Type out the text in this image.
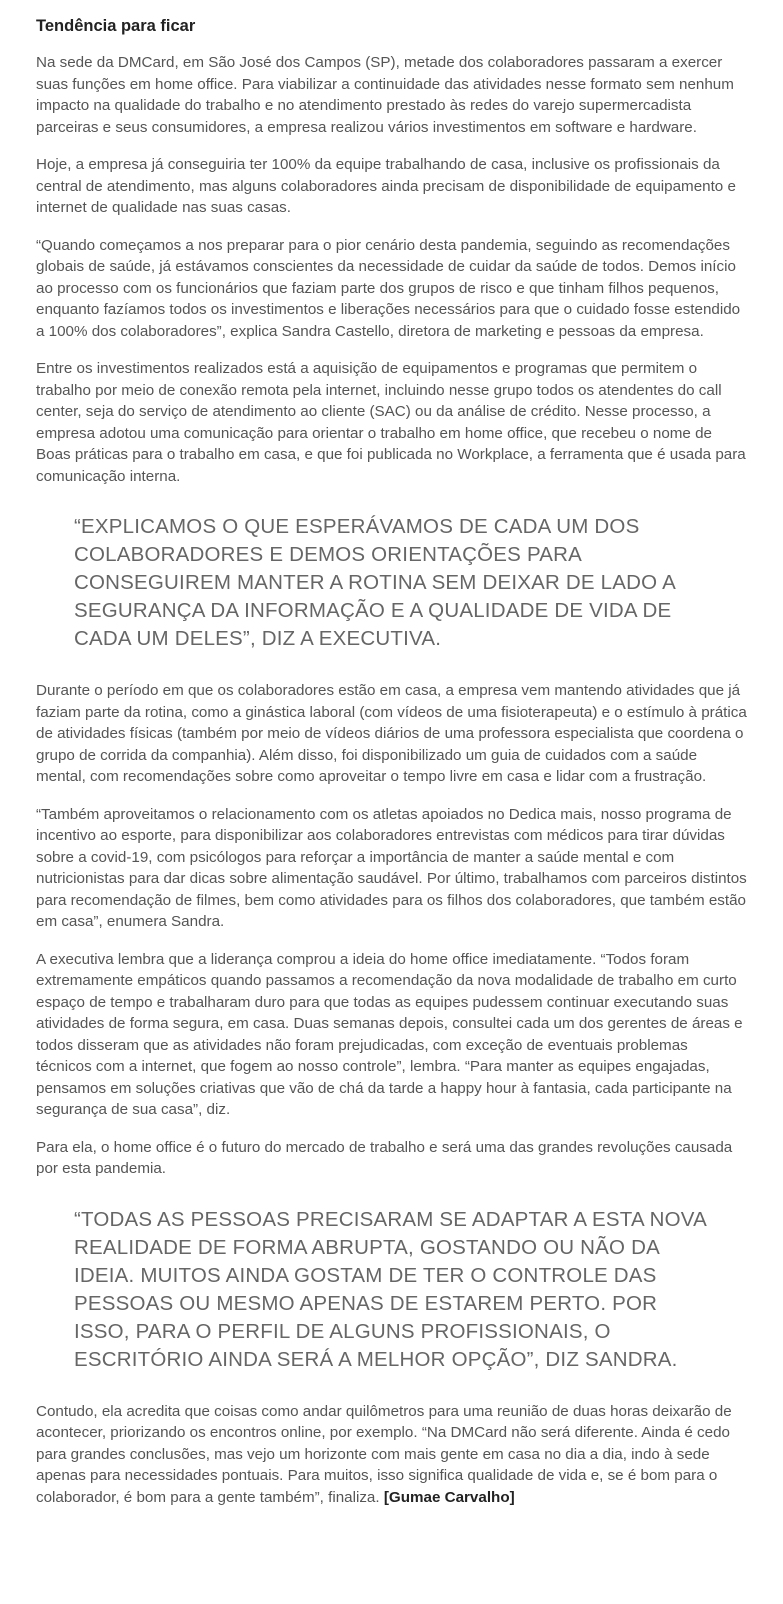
Tendência para ficar

Na sede da DMCard, em São José dos Campos (SP), metade dos colaboradores passaram a exercer suas funções em home office. Para viabilizar a continuidade das atividades nesse formato sem nenhum impacto na qualidade do trabalho e no atendimento prestado às redes do varejo supermercadista parceiras e seus consumidores, a empresa realizou vários investimentos em software e hardware.

Hoje, a empresa já conseguiria ter 100% da equipe trabalhando de casa, inclusive os profissionais da central de atendimento, mas alguns colaboradores ainda precisam de disponibilidade de equipamento e internet de qualidade nas suas casas.

“Quando começamos a nos preparar para o pior cenário desta pandemia, seguindo as recomendações globais de saúde, já estávamos conscientes da necessidade de cuidar da saúde de todos. Demos início ao processo com os funcionários que faziam parte dos grupos de risco e que tinham filhos pequenos, enquanto fazíamos todos os investimentos e liberações necessários para que o cuidado fosse estendido a 100% dos colaboradores”, explica Sandra Castello, diretora de marketing e pessoas da empresa.

Entre os investimentos realizados está a aquisição de equipamentos e programas que permitem o trabalho por meio de conexão remota pela internet, incluindo nesse grupo todos os atendentes do call center, seja do serviço de atendimento ao cliente (SAC) ou da análise de crédito. Nesse processo, a empresa adotou uma comunicação para orientar o trabalho em home office, que recebeu o nome de Boas práticas para o trabalho em casa, e que foi publicada no Workplace, a ferramenta que é usada para comunicação interna.

“EXPLICAMOS O QUE ESPERÁVAMOS DE CADA UM DOS COLABORADORES E DEMOS ORIENTAÇÕES PARA CONSEGUIREM MANTER A ROTINA SEM DEIXAR DE LADO A SEGURANÇA DA INFORMAÇÃO E A QUALIDADE DE VIDA DE CADA UM DELES”, DIZ A EXECUTIVA.

Durante o período em que os colaboradores estão em casa, a empresa vem mantendo atividades que já faziam parte da rotina, como a ginástica laboral (com vídeos de uma fisioterapeuta) e o estímulo à prática de atividades físicas (também por meio de vídeos diários de uma professora especialista que coordena o grupo de corrida da companhia). Além disso, foi disponibilizado um guia de cuidados com a saúde mental, com recomendações sobre como aproveitar o tempo livre em casa e lidar com a frustração.

“Também aproveitamos o relacionamento com os atletas apoiados no Dedica mais, nosso programa de incentivo ao esporte, para disponibilizar aos colaboradores entrevistas com médicos para tirar dúvidas sobre a covid-19, com psicólogos para reforçar a importância de manter a saúde mental e com nutricionistas para dar dicas sobre alimentação saudável. Por último, trabalhamos com parceiros distintos para recomendação de filmes, bem como atividades para os filhos dos colaboradores, que também estão em casa”, enumera Sandra.

A executiva lembra que a liderança comprou a ideia do home office imediatamente. “Todos foram extremamente empáticos quando passamos a recomendação da nova modalidade de trabalho em curto espaço de tempo e trabalharam duro para que todas as equipes pudessem continuar executando suas atividades de forma segura, em casa. Duas semanas depois, consultei cada um dos gerentes de áreas e todos disseram que as atividades não foram prejudicadas, com exceção de eventuais problemas técnicos com a internet, que fogem ao nosso controle”, lembra. “Para manter as equipes engajadas, pensamos em soluções criativas que vão de chá da tarde a happy hour à fantasia, cada participante na segurança de sua casa”, diz.

Para ela, o home office é o futuro do mercado de trabalho e será uma das grandes revoluções causada por esta pandemia.

“TODAS AS PESSOAS PRECISARAM SE ADAPTAR A ESTA NOVA REALIDADE DE FORMA ABRUPTA, GOSTANDO OU NÃO DA IDEIA. MUITOS AINDA GOSTAM DE TER O CONTROLE DAS PESSOAS OU MESMO APENAS DE ESTAREM PERTO. POR ISSO, PARA O PERFIL DE ALGUNS PROFISSIONAIS, O ESCRITÓRIO AINDA SERÁ A MELHOR OPÇÃO”, DIZ SANDRA.

Contudo, ela acredita que coisas como andar quilômetros para uma reunião de duas horas deixarão de acontecer, priorizando os encontros online, por exemplo. “Na DMCard não será diferente. Ainda é cedo para grandes conclusões, mas vejo um horizonte com mais gente em casa no dia a dia, indo à sede apenas para necessidades pontuais. Para muitos, isso significa qualidade de vida e, se é bom para o colaborador, é bom para a gente também”, finaliza. [Gumae Carvalho]
